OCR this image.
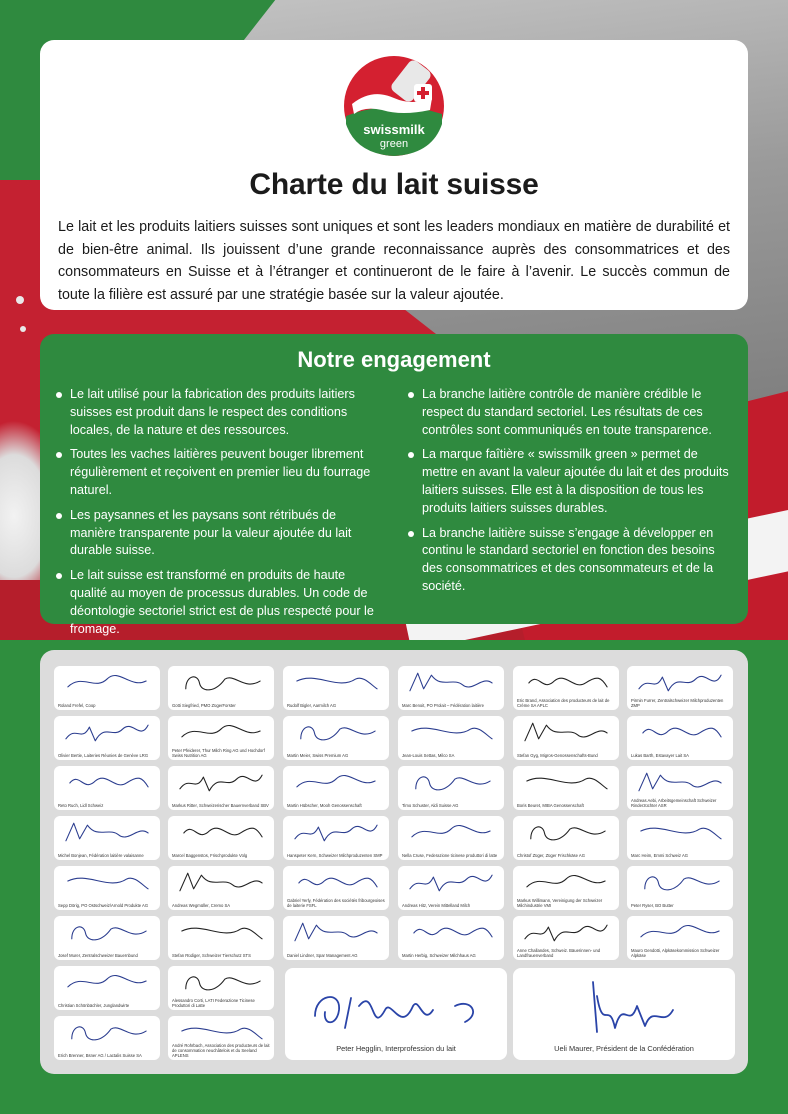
swissmilk
green
Charte du lait suisse

Le lait et les produits laitiers suisses sont uniques et sont les leaders mondiaux en matière de durabilité et de bien-être animal. Ils jouissent d’une grande reconnaissance auprès des consommatrices et des consommateurs en Suisse et à l’étranger et continueront de le faire à l’avenir. Le succès commun de toute la filière est assuré par une stratégie basée sur la valeur ajoutée.

Notre engagement
Le lait utilisé pour la fabrication des produits laitiers suisses est produit dans le respect des conditions locales, de la nature et des ressources.
Toutes les vaches laitières peuvent bouger librement régulièrement et reçoivent en premier lieu du fourrage naturel.
Les paysannes et les paysans sont rétribués de manière transparente pour la valeur ajoutée du lait durable suisse.
Le lait suisse est transformé en produits de haute qualité au moyen de processus durables. Un code de déontologie sectoriel strict est de plus respecté pour le fromage.
La branche laitière contrôle de manière crédible le respect du standard sectoriel. Les résultats de ces contrôles sont communiqués en toute transparence.
La marque faîtière « swissmilk green » permet de mettre en avant la valeur ajoutée du lait et des produits laitiers suisses. Elle est à la disposition de tous les produits laitiers suisses durables.
La branche laitière suisse s’engage à développer en continu le standard sectoriel en fonction des besoins des consommatrices et des consommateurs et de la société.
Roland Frefel, Coop	Gotti Siegfried, PMO ZügerForster	Rudolf Bigler, Aarmilch AG	Marc Benoit, PO Prolait – Fédération laitière
Eric Brand, Association des producteurs de lait de Crème SA APLC
Pirmin Furrer, Zentralschweizer Milchproduzenten ZMP
Olivier Bertie, Laiteries Réunies de Genève LRG
Peter Pfeiderer, Thur Milch Ring AG und Hochdorf Swiss Nutrition AG	Martin Meier, Swiss Premium AG	Jean-Louis Settas, Milco SA	Stefan Gyg, Migros-Genossenschafts-Bund	Lukas Barth, Estavayer Lait SA
Reto Ruch, Lidl Schweiz	Markus Ritter, Schweizerischer Bauernverband SBV	Martin Hübscher, Mooh Genossenschaft	Timo Schuster, Aldi Suisse AG	Boris Beuret, MIBA Genossenschaft
Andreas Aebi, Arbeitsgemeinschaft Schweizer Rinderzüchter ASR
Michel Bonjean, Fédération laitière valaisanne	Marcel Baggenstos, Frischprodukte Volg	Hanspeter Kern, Schweizer Milchproduzenten SMP	Nella Cruse, Federazione ticinese produttori di latte	Christof Züger, Züger Frischkäse AG	Marc Heim, Emmi Schweiz AG
Sepp Dörig, PO Ostschweiz/Arnold Produkte AG	Andreas Wegmüller, Cremo SA
Gabriel Yerly, Fédération des sociétés fribourgeoises de laiterie FSFL	Andreas Hitz, Verein Mittelland Milch
Markus Willimann, Vereinigung der Schweizer Milchindustrie VMI	Peter Ryser, BO Butter
Josef Murer, Zentralschweizer Bauernbund	Stefan Rüdiger, Schweizer Tierschutz STS	Daniel Lindner, Spar Management AG	Martin Herbig, Schweizer Milchhaus AG
Anne Challandes, Schweiz. Bäuerinnen- und Landfrauenverband
Mauro Gendotti, Alpkäsekommission Schweizer Alpkäse
Christian Schönbächler, Junglandwirte
Alessandro Corti, LATI Federazione Ticinese Produttori di Latte
Erich Brenner, Bsner AG / Lactalis Suisse SA
André Rohrbach, Association des producteurs de lait de consommation neuchâtelois et du Seeland APLENS
Peter Hegglin, Interprofession du lait	Ueli Maurer, Président de la Confédération
